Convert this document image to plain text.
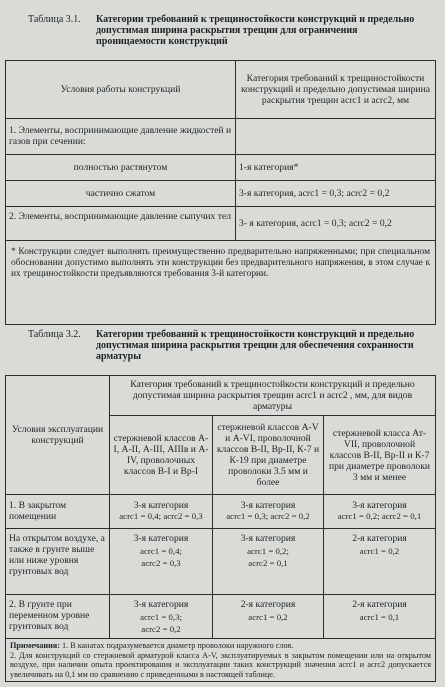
Таблица 3.1. Категории требований к трещиностойкости конструкций и предельно допустимая ширина раскрытия трещин для ограничения проницаемости конструкций
Условия работы конструкций
Категория требований к трещиностойкости конструкций и предельно допустимая ширина раскрытия трещин aсrc1 и aсrc2, мм
1. Элементы, воспринимающие давление жидкостей и газов при сечении:
полностью растянутом	1-я категория*
частично сжатом	3-я категория, aсrc1 = 0,3; aсrc2 = 0,2
2. Элементы, воспринимающие давление сыпучих тел
3- я категория, aсrc1 = 0,3; aсrc2 = 0,2
* Конструкции следует выполнять преимущественно предварительно напряженными; при специальном обосновании допустимо выполнять эти конструкции без предварительного напряжения, в этом случае к их трещиностойкости предъявляются требования 3-й категории.
Таблица 3.2. Категории требований к трещиностойкости конструкций и предельно допустимая ширина раскрытия трещин для обеспечения сохранности арматуры
Условия эксплуатации конструкций
Категория требований к трещиностойкости конструкций и предельно допустимая ширина раскрытия трещин aсrc1 и aсrc2 , мм, для видов арматуры
стержневой классов А-I, А-II, А-III, АIIIв и А-IV, проволочных классов В-I и Вр-I
стержневой классов А-V и А-VI, проволочной классов В-II, Вр-II, К-7 и К-19 при диаметре проволоки 3.5 мм и более
стержневой класса Ат-VII, проволочной классов В-II, Вр-II и К-7 при диаметре проволоки 3 мм и менее
1. В закрытом помещении
3-я категория
aсrc1 = 0,4; aсrc2 = 0,3
3-я категория
aсrc1 = 0,3; aсrc2 = 0,2
3-я категория
aсrc1 = 0,2; aсrc2 = 0,1
На открытом воздухе, а также в грунте выше или ниже уровня грунтовых вод
3-я категория
aсrc1 = 0,4;
aсrc2 = 0,3
3-я категория
aсrc1 = 0,2;
aсrc2 = 0,1
2-я категория
aсrc1 = 0,2
2. В грунте при переменном уровне грунтовых вод
3-я категория
aсrc1 = 0,3;
aсrc2 = 0,2
2-я категория
aсrc1 = 0,2
2-я категория
aсrc1 = 0,1
Примечания: 1. В канатах подразумевается диаметр проволоки наружного слоя.
2. Для конструкций со стержневой арматурой класса А-V, эксплуатируемых в закрытом помещении или на открытом воздухе, при наличии опыта проектирования и эксплуатации таких конструкций значения aсrc1 и aсrc2 допускается увеличивать на 0,1 мм по сравнению с приведенными в настоящей таблице.
